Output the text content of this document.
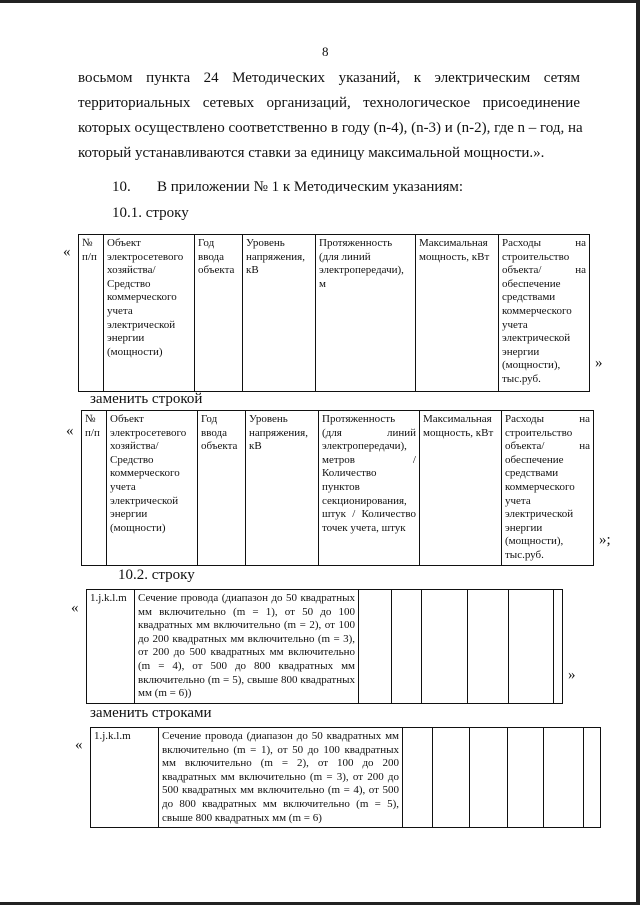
8
восьмом пункта 24 Методических указаний, к электрическим сетям
территориальных сетевых организаций, технологическое присоединение
которых осуществлено соответственно в году (n-4), (n-3) и (n-2), где n – год, на
который устанавливаются ставки за единицу максимальной мощности.».
10. В приложении № 1 к Методическим указаниям:
10.1. строку
«
№ п/п	Объект электросетевого хозяйства/ Средство коммерческого учета электрической энергии (мощности)	Год ввода объекта	Уровень напряжения, кВ	Протяженность (для линий электропередачи), м	Максимальная мощность, кВт	Расходы на строительство объекта/ на обеспечение средствами коммерческого учета электрической энергии (мощности), тыс.руб.
»
заменить строкой
«
№ п/п	Объект электросетевого хозяйства/ Средство коммерческого учета электрической энергии (мощности)	Год ввода объекта	Уровень напряжения, кВ	Протяженность (для линий электропередачи), метров / Количество пунктов секционирования, штук / Количество точек учета, штук	Максимальная мощность, кВт	Расходы на строительство объекта/ на обеспечение средствами коммерческого учета электрической энергии (мощности), тыс.руб.
»;
10.2. строку
«
1.j.k.l.m	Сечение провода (диапазон до 50 квадратных мм включительно (m = 1), от 50 до 100 квадратных мм включительно (m = 2), от 100 до 200 квадратных мм включительно (m = 3), от 200 до 500 квадратных мм включительно (m = 4), от 500 до 800 квадратных мм включительно (m = 5), свыше 800 квадратных мм (m = 6))						
»
заменить строками
«
1.j.k.l.m	Сечение провода (диапазон до 50 квадратных мм включительно (m = 1), от 50 до 100 квадратных мм включительно (m = 2), от 100 до 200 квадратных мм включительно (m = 3), от 200 до 500 квадратных мм включительно (m = 4), от 500 до 800 квадратных мм включительно (m = 5), свыше 800 квадратных мм (m = 6)						
